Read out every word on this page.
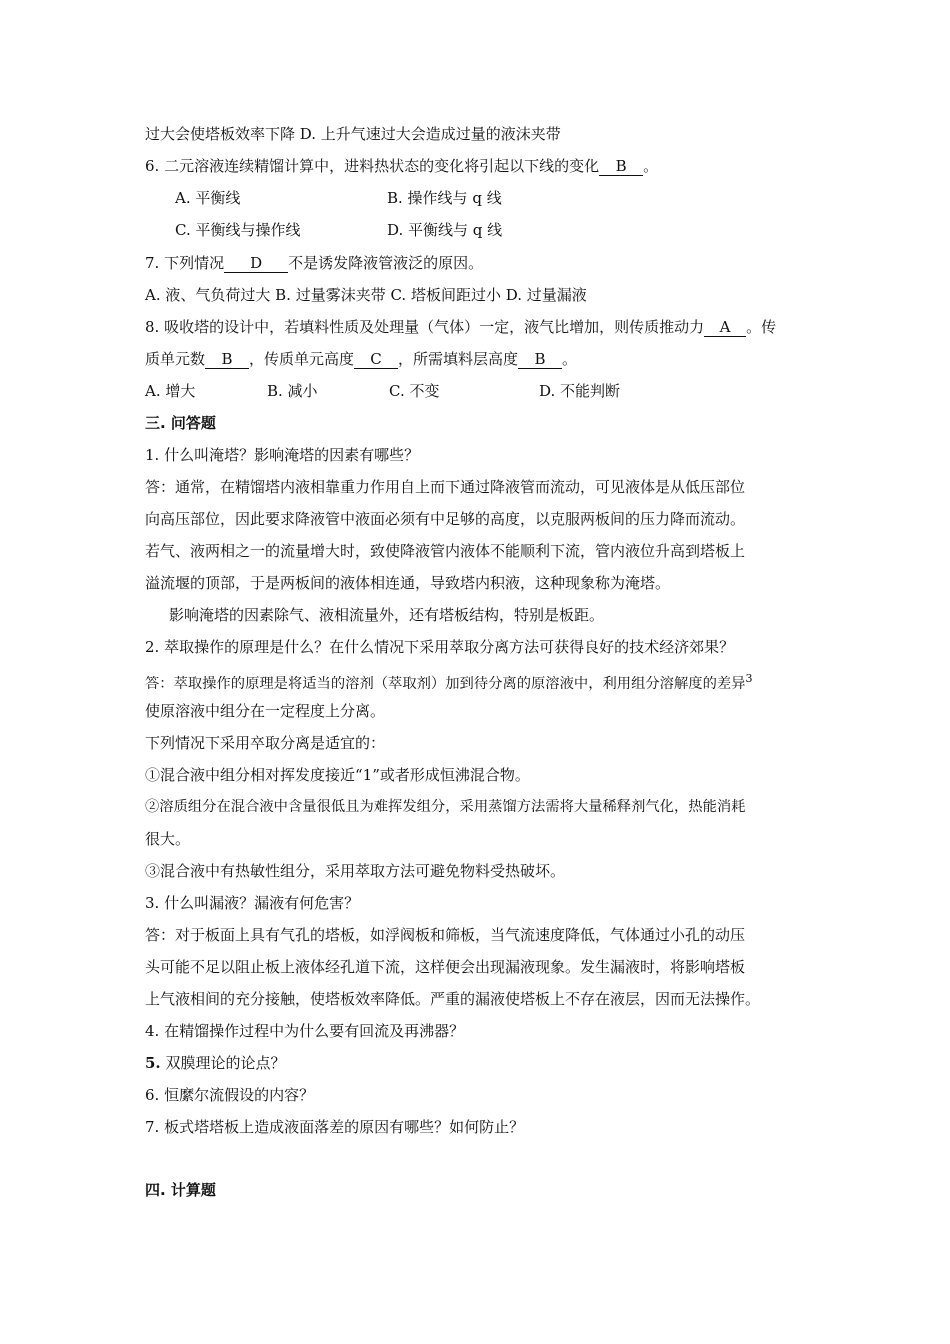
过大会使塔板效率下降 D. 上升气速过大会造成过量的液沫夹带
6. 二元溶液连续精馏计算中，进料热状态的变化将引起以下线的变化 B 。
A. 平衡线	B. 操作线与 q 线
C. 平衡线与操作线	D. 平衡线与 q 线
7. 下列情况 D 不是诱发降液管液泛的原因。
A. 液、气负荷过大 B. 过量雾沫夹带 C. 塔板间距过小 D. 过量漏液
8. 吸收塔的设计中，若填料性质及处理量（气体）一定，液气比增加，则传质推动力 A 。传
质单元数 B ，传质单元高度 C ，所需填料层高度 B 。
A. 增大	B. 减小	C. 不变	D. 不能判断
三. 问答题
1. 什么叫淹塔？影响淹塔的因素有哪些？
答：通常，在精馏塔内液相靠重力作用自上而下通过降液管而流动，可见液体是从低压部位
向高压部位，因此要求降液管中液面必须有中足够的高度，以克服两板间的压力降而流动。
若气、液两相之一的流量增大时，致使降液管内液体不能顺利下流，管内液位升高到塔板上
溢流堰的顶部，于是两板间的液体相连通，导致塔内积液，这种现象称为淹塔。
影响淹塔的因素除气、液相流量外，还有塔板结构，特别是板距。
2. 萃取操作的原理是什么？在什么情况下采用萃取分离方法可获得良好的技术经济郊果？
答：萃取操作的原理是将适当的溶剂（萃取剂）加到待分离的原溶液中，利用组分溶解度的差异$^3$
使原溶液中组分在一定程度上分离。
下列情况下采用卒取分离是适宜的：
①混合液中组分相对挥发度接近“1”或者形成恒沸混合物。
②溶质组分在混合液中含量很低且为难挥发组分，采用蒸馏方法需将大量稀释剂气化，热能消耗
很大。
③混合液中有热敏性组分，采用萃取方法可避免物料受热破坏。
3. 什么叫漏液？漏液有何危害？
答：对于板面上具有气孔的塔板，如浮阀板和筛板，当气流速度降低，气体通过小孔的动压
头可能不足以阻止板上液体经孔道下流，这样便会出现漏液现象。发生漏液时，将影响塔板
上气液相间的充分接触，使塔板效率降低。严重的漏液使塔板上不存在液层，因而无法操作。
4. 在精馏操作过程中为什么要有回流及再沸器？
5. 双膜理论的论点？
6. 恒縻尔流假设的内容？
7. 板式塔塔板上造成液面落差的原因有哪些？如何防止？
四. 计算题
